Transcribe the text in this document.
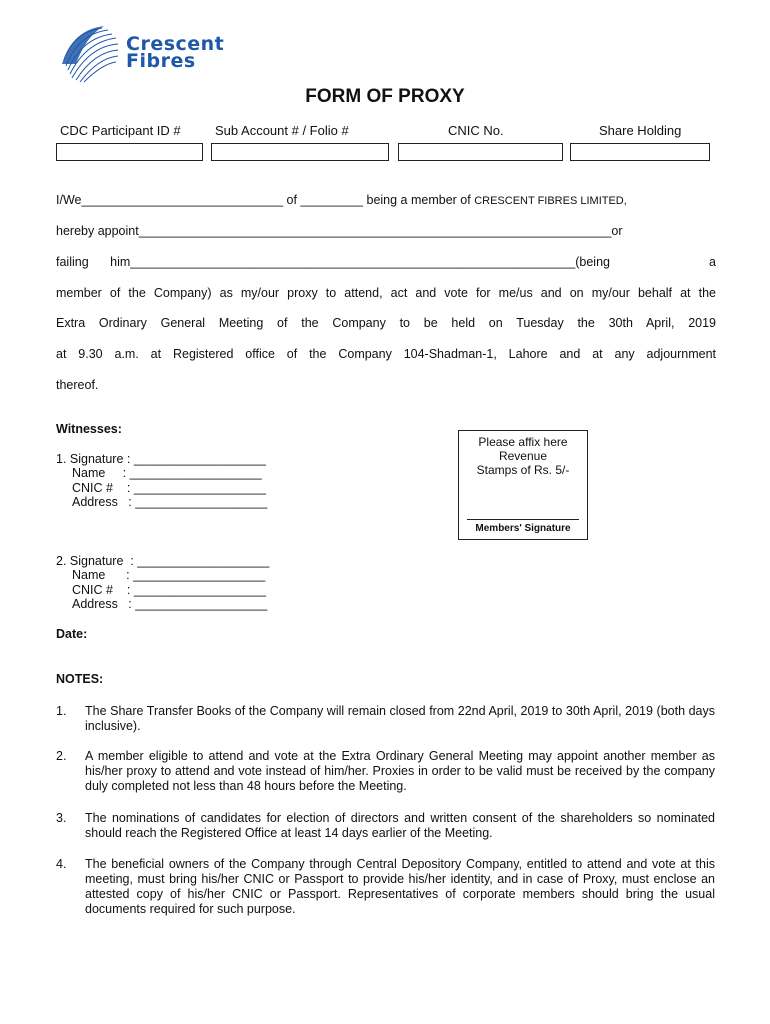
Crescent
Fibres
FORM OF PROXY
CDC Participant ID #	Sub Account # / Folio #	CNIC No.	Share Holding
I/We_____________________________ of _________ being a member of CRESCENT FIBRES LIMITED,
hereby appoint____________________________________________________________________or
failing him________________________________________________________________(being	a
member of the Company) as my/our proxy to attend, act and vote for me/us and on my/our behalf at the
Extra Ordinary General Meeting of the Company to be held on Tuesday the 30th April, 2019
at 9.30 a.m. at Registered office of the Company 104-Shadman-1, Lahore and at any adjournment
thereof.
Witnesses:
1. Signature : ___________________
Name     : ___________________
CNIC #    : ___________________
Address   : ___________________
2. Signature  : ___________________
Name      : ___________________
CNIC #    : ___________________
Address   : ___________________
Please affix here
Revenue
Stamps of Rs. 5/-
Members' Signature
Date:
NOTES:
1. The Share Transfer Books of the Company will remain closed from 22nd April, 2019 to 30th April, 2019 (both days inclusive).
2. A member eligible to attend and vote at the Extra Ordinary General Meeting may appoint another member as his/her proxy to attend and vote instead of him/her. Proxies in order to be valid must be received by the company duly completed not less than 48 hours before the Meeting.
3. The nominations of candidates for election of directors and written consent of the shareholders so nominated should reach the Registered Office at least 14 days earlier of the Meeting.
4. The beneficial owners of the Company through Central Depository Company, entitled to attend and vote at this meeting, must bring his/her CNIC or Passport to provide his/her identity, and in case of Proxy, must enclose an attested copy of his/her CNIC or Passport. Representatives of corporate members should bring the usual documents required for such purpose.
